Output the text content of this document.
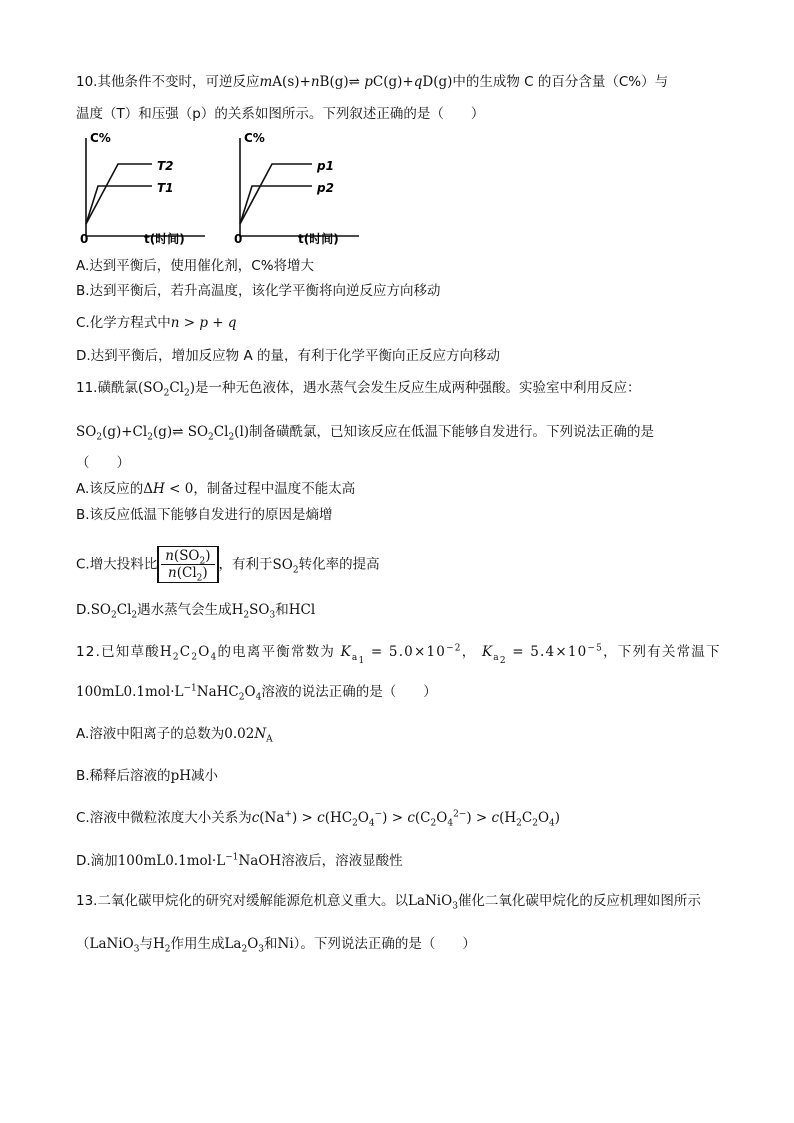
10.其他条件不变时，可逆反应mA(s)+nB(g)⇌ pC(g)+qD(g)中的生成物 C 的百分含量（C%）与
温度（T）和压强（p）的关系如图所示。下列叙述正确的是（　　）
C%
T2
T1
0	t(时间)
C%
p1
p2
0	t(时间)
A.达到平衡后，使用催化剂，C%将增大
B.达到平衡后，若升高温度，该化学平衡将向逆反应方向移动
C.化学方程式中n > p + q
D.达到平衡后，增加反应物 A 的量，有利于化学平衡向正反应方向移动
11.磺酰氯$(SO_2Cl_2)$是一种无色液体，遇水蒸气会发生反应生成两种强酸。实验室中利用反应：
$SO_2(g)+Cl_2(g)\rightleftharpoons$ $SO_2Cl_2(l)$制备磺酰氯，已知该反应在低温下能够自发进行。下列说法正确的是
（　　）
A.该反应的ΔH < 0，制备过程中温度不能太高
B.该反应低温下能够自发进行的原因是熵增
C.增大投料比 $\frac{n(SO_2)}{n(Cl_2)}$ ，有利于$SO_2$转化率的提高
$D.SO_2Cl_2$遇水蒸气会生成$H_2SO_3$和HCl
12.已知草酸$H_2C_2O_4$的电离平衡常数为 $K_{a_1} = 5.0\times 10^{-2}$， $K_{a_2} = 5.4\times 10^{-5}$，下列有关常温下
$100mL0.1mol\cdot L^{-1}NaHC_2O_4$溶液的说法正确的是（　　）
A.溶液中阳离子的总数为$0.02N_A$
B.稀释后溶液的pH减小
C.溶液中微粒浓度大小关系为$c(Na^+) > c(HC_2O_4^-) > c(C_2O_4^{2-}) > c(H_2C_2O_4)$
D.滴加$100mL0.1mol\cdot L^{-1}NaOH$溶液后，溶液显酸性
13.二氧化碳甲烷化的研究对缓解能源危机意义重大。以LaNiO$_3$催化二氧化碳甲烷化的反应机理如图所示
（LaNiO$_3$与$H_2$作用生成$La_2O_3$和Ni）。下列说法正确的是（　　）
